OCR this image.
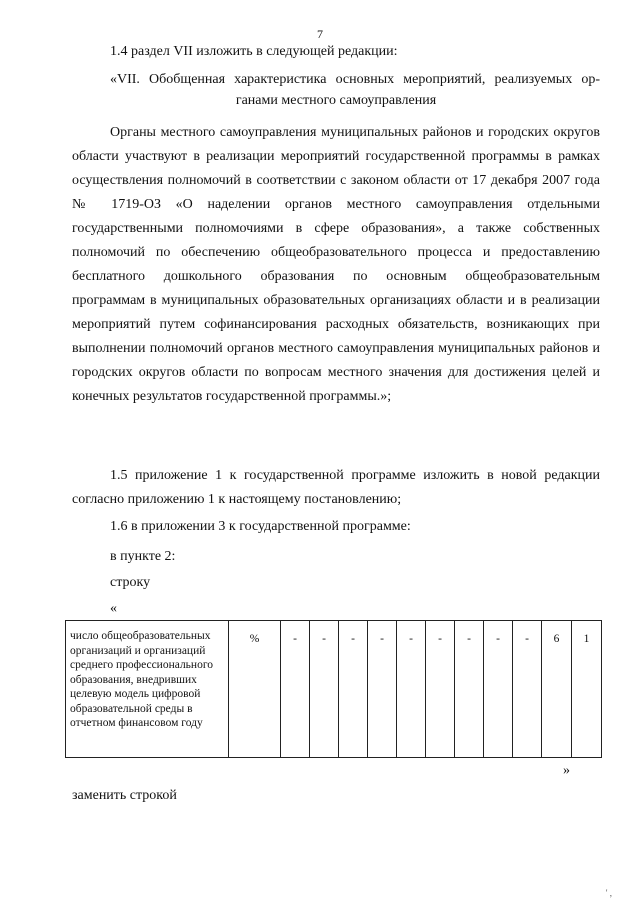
7

1.4 раздел VII изложить в следующей редакции:

«VII. Обобщенная характеристика основных мероприятий, реализуемых ор-
ганами местного самоуправления

Органы местного самоуправления муниципальных районов и городских округов области участвуют в реализации мероприятий государственной программы в рамках осуществления полномочий в соответствии с законом области от 17 декабря 2007 года № 1719-ОЗ «О наделении органов местного самоуправления отдельными государственными полномочиями в сфере образования», а также собственных полномочий по обеспечению общеобразовательного процесса и предоставлению бесплатного дошкольного образования по основным общеобразовательным программам в муниципальных образовательных организациях области и в реализации мероприятий путем софинансирования расходных обязательств, возникающих при выполнении полномочий органов местного самоуправления муниципальных районов и городских округов области по вопросам местного значения для достижения целей и конечных результатов государственной программы.»;

1.5 приложение 1 к государственной программе изложить в новой редакции согласно приложению 1 к настоящему постановлению;

1.6 в приложении 3 к государственной программе:

в пункте 2:

строку

«

число общеобразовательных организаций и организаций среднего профессионального образования, внедривших целевую модель цифровой образовательной среды в отчетном финансовом году	%	-	-	-	-	-	-	-	-	-	6	1

»

заменить строкой

' ,
